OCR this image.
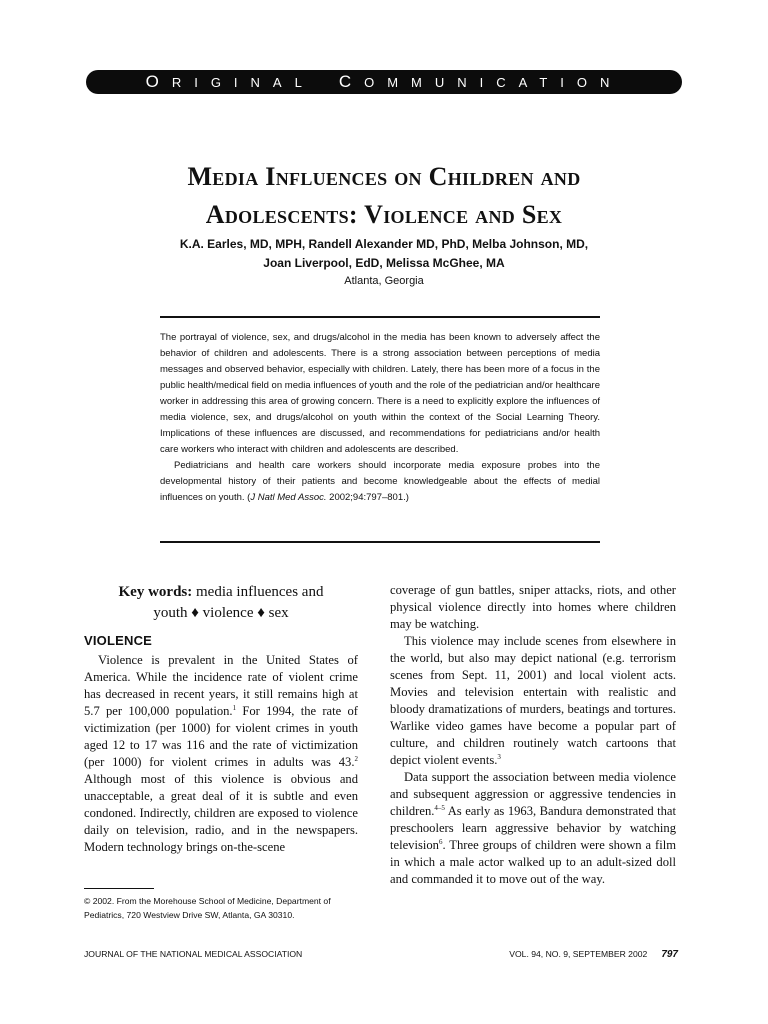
ORIGINAL COMMUNICATION
Media Influences on Children and
Adolescents: Violence and Sex
K.A. Earles, MD, MPH, Randell Alexander MD, PhD, Melba Johnson, MD,
Joan Liverpool, EdD, Melissa McGhee, MA
Atlanta, Georgia

The portrayal of violence, sex, and drugs/alcohol in the media has been known to adversely affect the behavior of children and adolescents. There is a strong association between perceptions of media messages and observed behavior, especially with children. Lately, there has been more of a focus in the public health/medical field on media influences of youth and the role of the pediatrician and/or healthcare worker in addressing this area of growing concern. There is a need to explicitly explore the influences of media violence, sex, and drugs/alcohol on youth within the context of the Social Learning Theory. Implications of these influences are discussed, and recommendations for pediatricians and/or health care workers who interact with children and adolescents are described.

Pediatricians and health care workers should incorporate media exposure probes into the developmental history of their patients and become knowledgeable about the effects of medial influences on youth. (J Natl Med Assoc. 2002;94:797–801.)

Key words: media influences and youth ♦ violence ♦ sex
VIOLENCE

Violence is prevalent in the United States of America. While the incidence rate of violent crime has decreased in recent years, it still remains high at 5.7 per 100,000 population.$^1$ For 1994, the rate of victimization (per 1000) for violent crimes in youth aged 12 to 17 was 116 and the rate of victimization (per 1000) for violent crimes in adults was 43.$^2$ Although most of this violence is obvious and unacceptable, a great deal of it is subtle and even condoned. Indirectly, children are exposed to violence daily on television, radio, and in the newspapers. Modern technology brings on-the-scene

coverage of gun battles, sniper attacks, riots, and other physical violence directly into homes where children may be watching.

This violence may include scenes from elsewhere in the world, but also may depict national (e.g. terrorism scenes from Sept. 11, 2001) and local violent acts. Movies and television entertain with realistic and bloody dramatizations of murders, beatings and tortures. Warlike video games have become a popular part of culture, and children routinely watch cartoons that depict violent events.$^3$

Data support the association between media violence and subsequent aggression or aggressive tendencies in children.$^{4-5}$ As early as 1963, Bandura demonstrated that preschoolers learn aggressive behavior by watching television$^6$. Three groups of children were shown a film in which a male actor walked up to an adult-sized doll and commanded it to move out of the way.

© 2002. From the Morehouse School of Medicine, Department of Pediatrics, 720 Westview Drive SW, Atlanta, GA 30310.
JOURNAL OF THE NATIONAL MEDICAL ASSOCIATION	VOL. 94, NO. 9, SEPTEMBER 2002 797
